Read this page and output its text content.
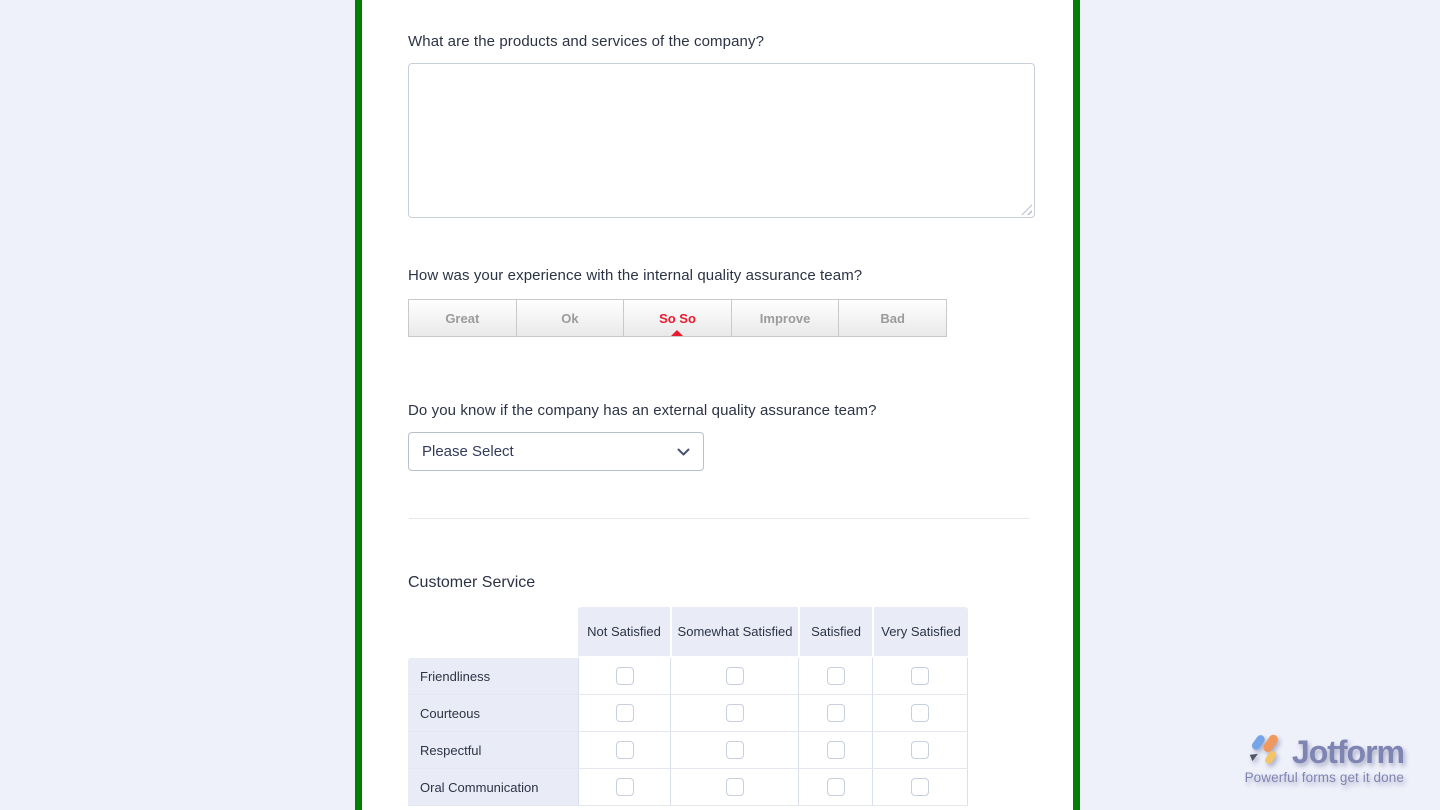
What are the products and services of the company?
How was your experience with the internal quality assurance team?
Great	Ok	So So	Improve	Bad
Do you know if the company has an external quality assurance team?
Please Select
Customer Service
Not Satisfied	Somewhat Satisfied	Satisfied	Very Satisfied
Friendliness
Courteous
Respectful
Oral Communication
Jotform
Powerful forms get it done
